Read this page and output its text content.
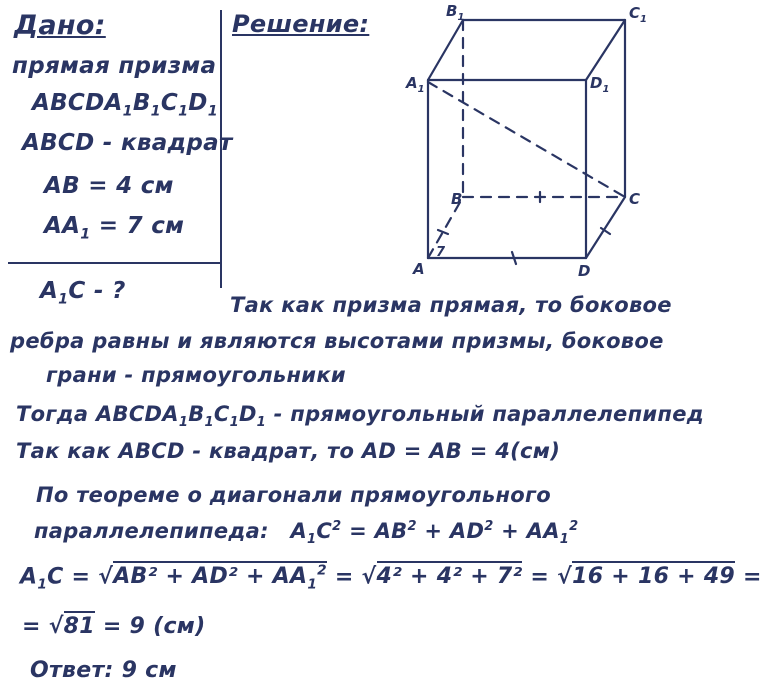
Дано:
прямая призма
$ABCDA_1B_1C_1D_1$
ABCD - квадрат
AB = 4 см
$AA_1 = 7$ см
$A_1C$ - ?
Решение:	$B_1$	$C_1$
$A_1$	$D_1$
B	C
A	D
7
Так как призма прямая, то боковое
ребра равны и являются высотами призмы, боковое
грани - прямоугольники
Тогда $ABCDA_1B_1C_1D_1$ - прямоугольный параллелепипед
Так как ABCD - квадрат, то AD = AB = 4(см)
По теореме о диагонали прямоугольного
параллелепипеда: $A_1C^2 = AB^2 + AD^2 + AA_1^2$
$A_1C = √AB^2 + AD^2 + AA_1^2 = √4^2 + 4^2 + 7^2 = √16 + 16 + 49$ =
= √81 = 9 (см)
Ответ: 9 см
